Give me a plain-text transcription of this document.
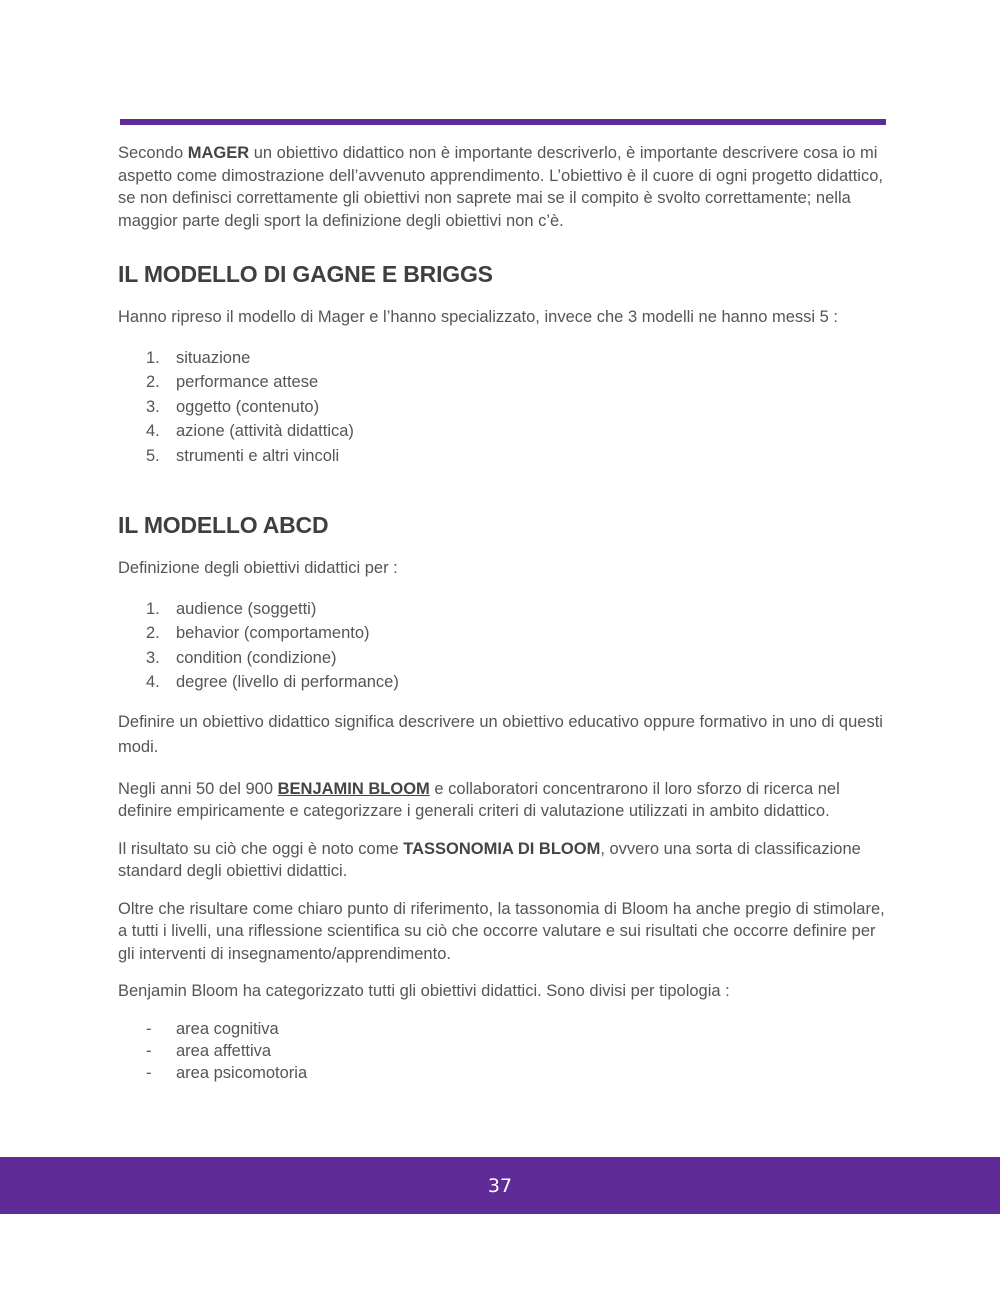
Secondo MAGER un obiettivo didattico non è importante descriverlo, è importante descrivere cosa io mi aspetto come dimostrazione dell’avvenuto apprendimento. L’obiettivo è il cuore di ogni progetto didattico, se non definisci correttamente gli obiettivi non saprete mai se il compito è svolto correttamente; nella maggior parte degli sport la definizione degli obiettivi non c’è.

IL MODELLO DI GAGNE E BRIGGS

Hanno ripreso il modello di Mager e l’hanno specializzato, invece che 3 modelli ne hanno messi 5 :

1. situazione
2. performance attese
3. oggetto (contenuto)
4. azione (attività didattica)
5. strumenti e altri vincoli
IL MODELLO ABCD

Definizione degli obiettivi didattici per :

1. audience (soggetti)
2. behavior (comportamento)
3. condition (condizione)
4. degree (livello di performance)

Definire un obiettivo didattico significa descrivere un obiettivo educativo oppure formativo in uno di questi modi.

Negli anni 50 del 900 BENJAMIN BLOOM e collaboratori concentrarono il loro sforzo di ricerca nel definire empiricamente e categorizzare i generali criteri di valutazione utilizzati in ambito didattico.

Il risultato su ciò che oggi è noto come TASSONOMIA DI BLOOM, ovvero una sorta di classificazione standard degli obiettivi didattici.

Oltre che risultare come chiaro punto di riferimento, la tassonomia di Bloom ha anche pregio di stimolare, a tutti i livelli, una riflessione scientifica su ciò che occorre valutare e sui risultati che occorre definire per gli interventi di insegnamento/apprendimento.

Benjamin Bloom ha categorizzato tutti gli obiettivi didattici. Sono divisi per tipologia :

- area cognitiva
- area affettiva
- area psicomotoria
37
